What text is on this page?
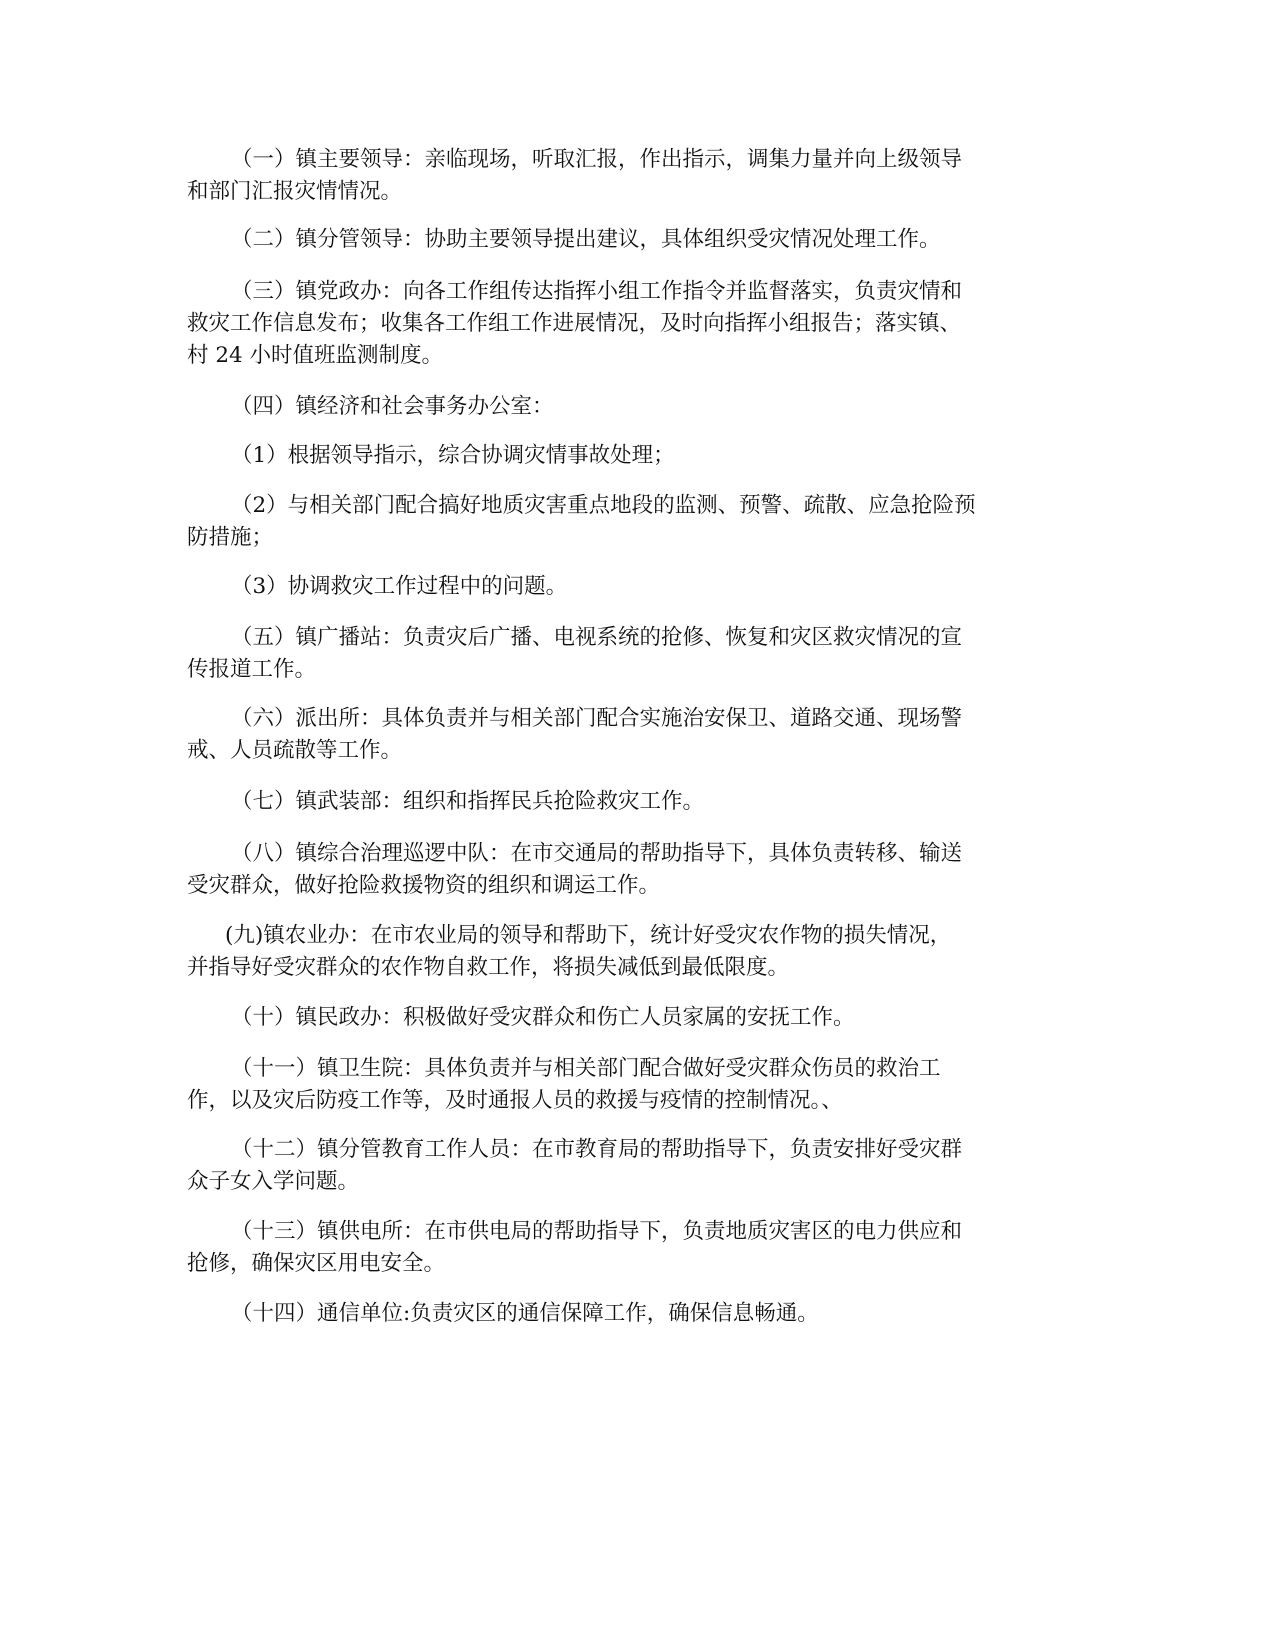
（一）镇主要领导：亲临现场，听取汇报，作出指示，调集力量并向上级领导
和部门汇报灾情情况。
（二）镇分管领导：协助主要领导提出建议，具体组织受灾情况处理工作。
（三）镇党政办：向各工作组传达指挥小组工作指令并监督落实，负责灾情和
救灾工作信息发布；收集各工作组工作进展情况，及时向指挥小组报告；落实镇、
村 24 小时值班监测制度。
（四）镇经济和社会事务办公室：
（1）根据领导指示，综合协调灾情事故处理；
（2）与相关部门配合搞好地质灾害重点地段的监测、预警、疏散、应急抢险预
防措施；
（3）协调救灾工作过程中的问题。
（五）镇广播站：负责灾后广播、电视系统的抢修、恢复和灾区救灾情况的宣
传报道工作。
（六）派出所：具体负责并与相关部门配合实施治安保卫、道路交通、现场警
戒、人员疏散等工作。
（七）镇武装部：组织和指挥民兵抢险救灾工作。
（八）镇综合治理巡逻中队：在市交通局的帮助指导下，具体负责转移、输送
受灾群众，做好抢险救援物资的组织和调运工作。
(九)镇农业办：在市农业局的领导和帮助下，统计好受灾农作物的损失情况，
并指导好受灾群众的农作物自救工作，将损失减低到最低限度。
（十）镇民政办：积极做好受灾群众和伤亡人员家属的安抚工作。
（十一）镇卫生院：具体负责并与相关部门配合做好受灾群众伤员的救治工
作，以及灾后防疫工作等，及时通报人员的救援与疫情的控制情况。、
（十二）镇分管教育工作人员：在市教育局的帮助指导下，负责安排好受灾群
众子女入学问题。
（十三）镇供电所：在市供电局的帮助指导下，负责地质灾害区的电力供应和
抢修，确保灾区用电安全。
（十四）通信单位:负责灾区的通信保障工作，确保信息畅通。
